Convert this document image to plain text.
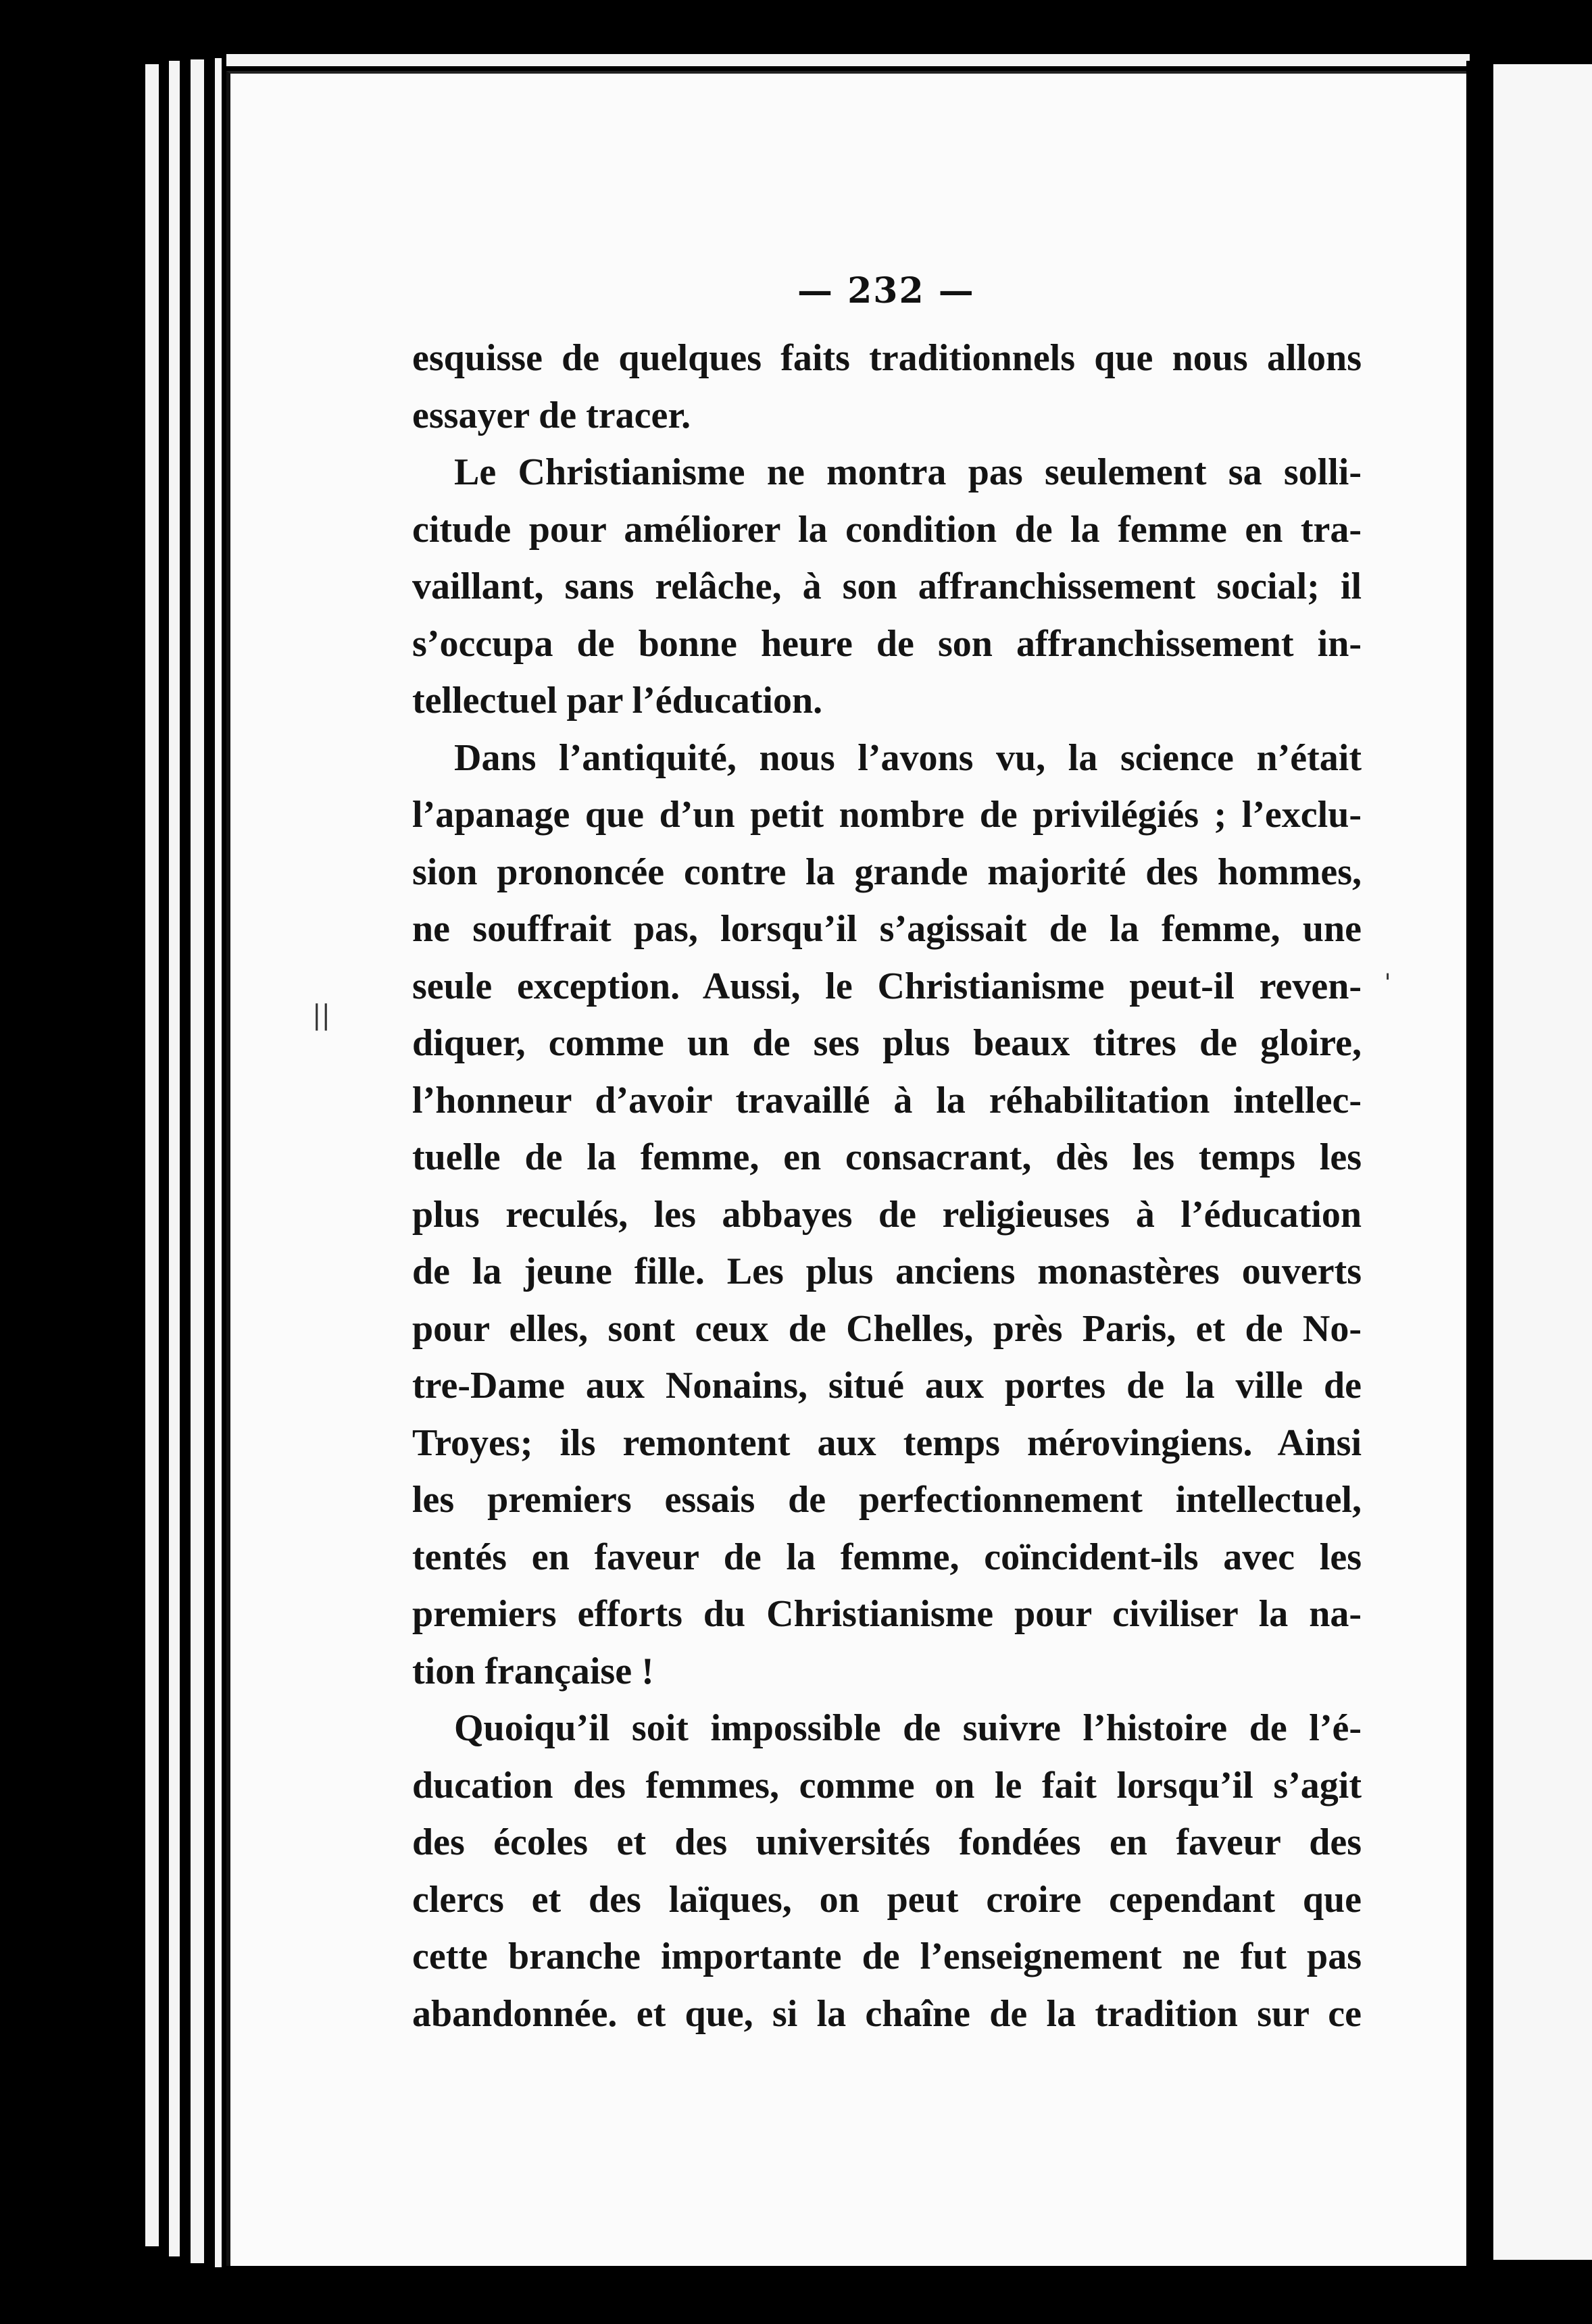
— 232 —
esquisse de quelques faits traditionnels que nous allons
essayer de tracer.
Le Christianisme ne montra pas seulement sa solli-
citude pour améliorer la condition de la femme en tra-
vaillant, sans relâche, à son affranchissement social; il
s’occupa de bonne heure de son affranchissement in-
tellectuel par l’éducation.
Dans l’antiquité, nous l’avons vu, la science n’était
l’apanage que d’un petit nombre de privilégiés ; l’exclu-
sion prononcée contre la grande majorité des hommes,
ne souffrait pas, lorsqu’il s’agissait de la femme, une
seule exception. Aussi, le Christianisme peut-il reven-
diquer, comme un de ses plus beaux titres de gloire,
l’honneur d’avoir travaillé à la réhabilitation intellec-
tuelle de la femme, en consacrant, dès les temps les
plus reculés, les abbayes de religieuses à l’éducation
de la jeune fille. Les plus anciens monastères ouverts
pour elles, sont ceux de Chelles, près Paris, et de No-
tre-Dame aux Nonains, situé aux portes de la ville de
Troyes; ils remontent aux temps mérovingiens. Ainsi
les premiers essais de perfectionnement intellectuel,
tentés en faveur de la femme, coïncident-ils avec les
premiers efforts du Christianisme pour civiliser la na-
tion française !
Quoiqu’il soit impossible de suivre l’histoire de l’é-
ducation des femmes, comme on le fait lorsqu’il s’agit
des écoles et des universités fondées en faveur des
clercs et des laïques, on peut croire cependant que
cette branche importante de l’enseignement ne fut pas
abandonnée. et que, si la chaîne de la tradition sur ce
||
ˈ
